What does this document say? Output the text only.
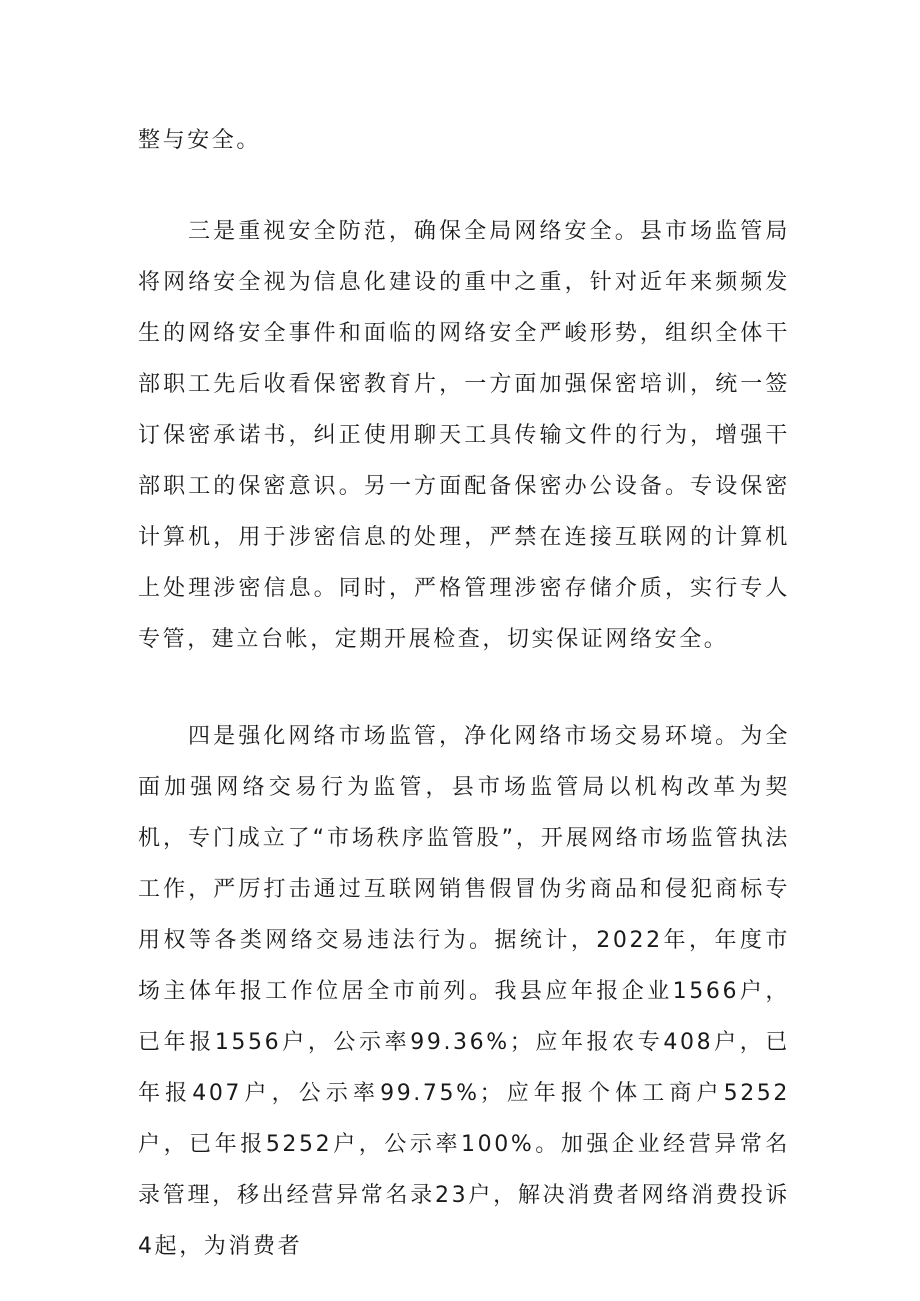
整与安全。

三是重视安全防范，确保全局网络安全。县市场监管局将网络安全视为信息化建设的重中之重，针对近年来频频发生的网络安全事件和面临的网络安全严峻形势，组织全体干部职工先后收看保密教育片，一方面加强保密培训，统一签订保密承诺书，纠正使用聊天工具传输文件的行为，增强干部职工的保密意识。另一方面配备保密办公设备。专设保密计算机，用于涉密信息的处理，严禁在连接互联网的计算机上处理涉密信息。同时，严格管理涉密存储介质，实行专人专管，建立台帐，定期开展检查，切实保证网络安全。

四是强化网络市场监管，净化网络市场交易环境。为全面加强网络交易行为监管，县市场监管局以机构改革为契机，专门成立了“市场秩序监管股”，开展网络市场监管执法工作，严厉打击通过互联网销售假冒伪劣商品和侵犯商标专用权等各类网络交易违法行为。据统计，2022年，年度市场主体年报工作位居全市前列。我县应年报企业1566户，已年报1556户，公示率99.36%；应年报农专408户，已年报407户，公示率99.75%；应年报个体工商户5252户，已年报5252户，公示率100%。加强企业经营异常名录管理，移出经营异常名录23户，解决消费者网络消费投诉4起，为消费者
